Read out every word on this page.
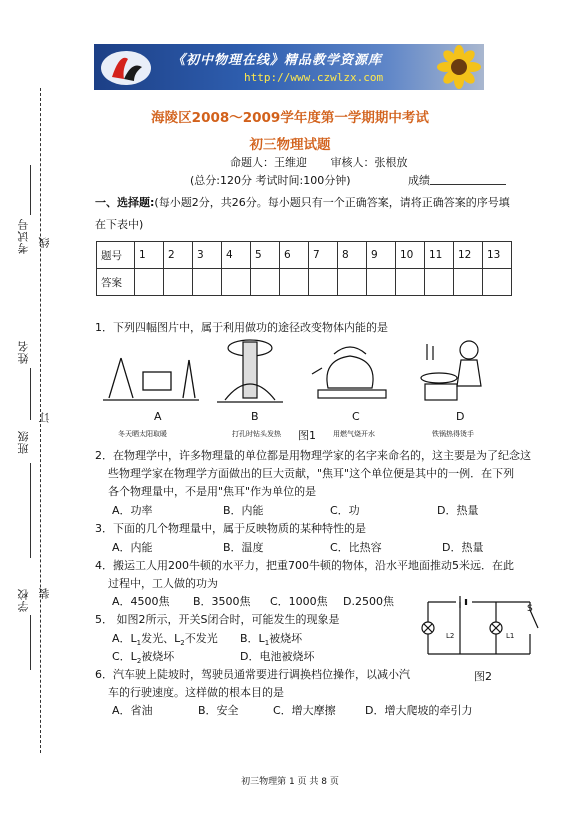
考试号 线
姓名
订
班级
学校 装
《初中物理在线》精品教学资源库
http://www.czwlzx.com
海陵区2008～2009学年度第一学期期中考试
初三物理试题
命题人：王维迎 审核人：张根放
(总分:120分 考试时间:100分钟)	成绩
一、选择题:(每小题2分，共26分。每小题只有一个正确答案，请将正确答案的序号填
在下表中)
题号	1	2	3	4	5	6	7	8	9	10	11	12	13
答案													
1．下列四幅图片中，属于利用做功的途径改变物体内能的是
A	B	C	D
冬天晒太阳取暖	打孔时钻头发热 图1 用燃气烧开水	铁锅热得烫手
2．在物理学中，许多物理量的单位都是用物理学家的名字来命名的，这主要是为了纪念这
些物理学家在物理学方面做出的巨大贡献，"焦耳"这个单位便是其中的一例．在下列
各个物理量中，不是用"焦耳"作为单位的是
A．功率	B．内能	C．功	D．热量
3．下面的几个物理量中，属于反映物质的某种特性的是
A．内能	B．温度	C．比热容	D．热量
4．搬运工人用200牛顿的水平力，把重700牛顿的物体，沿水平地面推动5米远．在此
过程中，工人做的功为
A．4500焦 B．3500焦 C．1000焦 D.2500焦
5． 如图2所示，开关S闭合时，可能发生的现象是
A．$L_1$发光、$L_2$不发光 B．$L_1$被烧坏
C．$L_2$被烧坏	D．电池被烧坏
L2	L1
S
图2
6．汽车驶上陡坡时，驾驶员通常要进行调换档位操作，以减小汽
车的行驶速度。这样做的根本目的是
A．省油	B．安全	C．增大摩擦	D．增大爬坡的牵引力
初三物理第 1 页 共 8 页
